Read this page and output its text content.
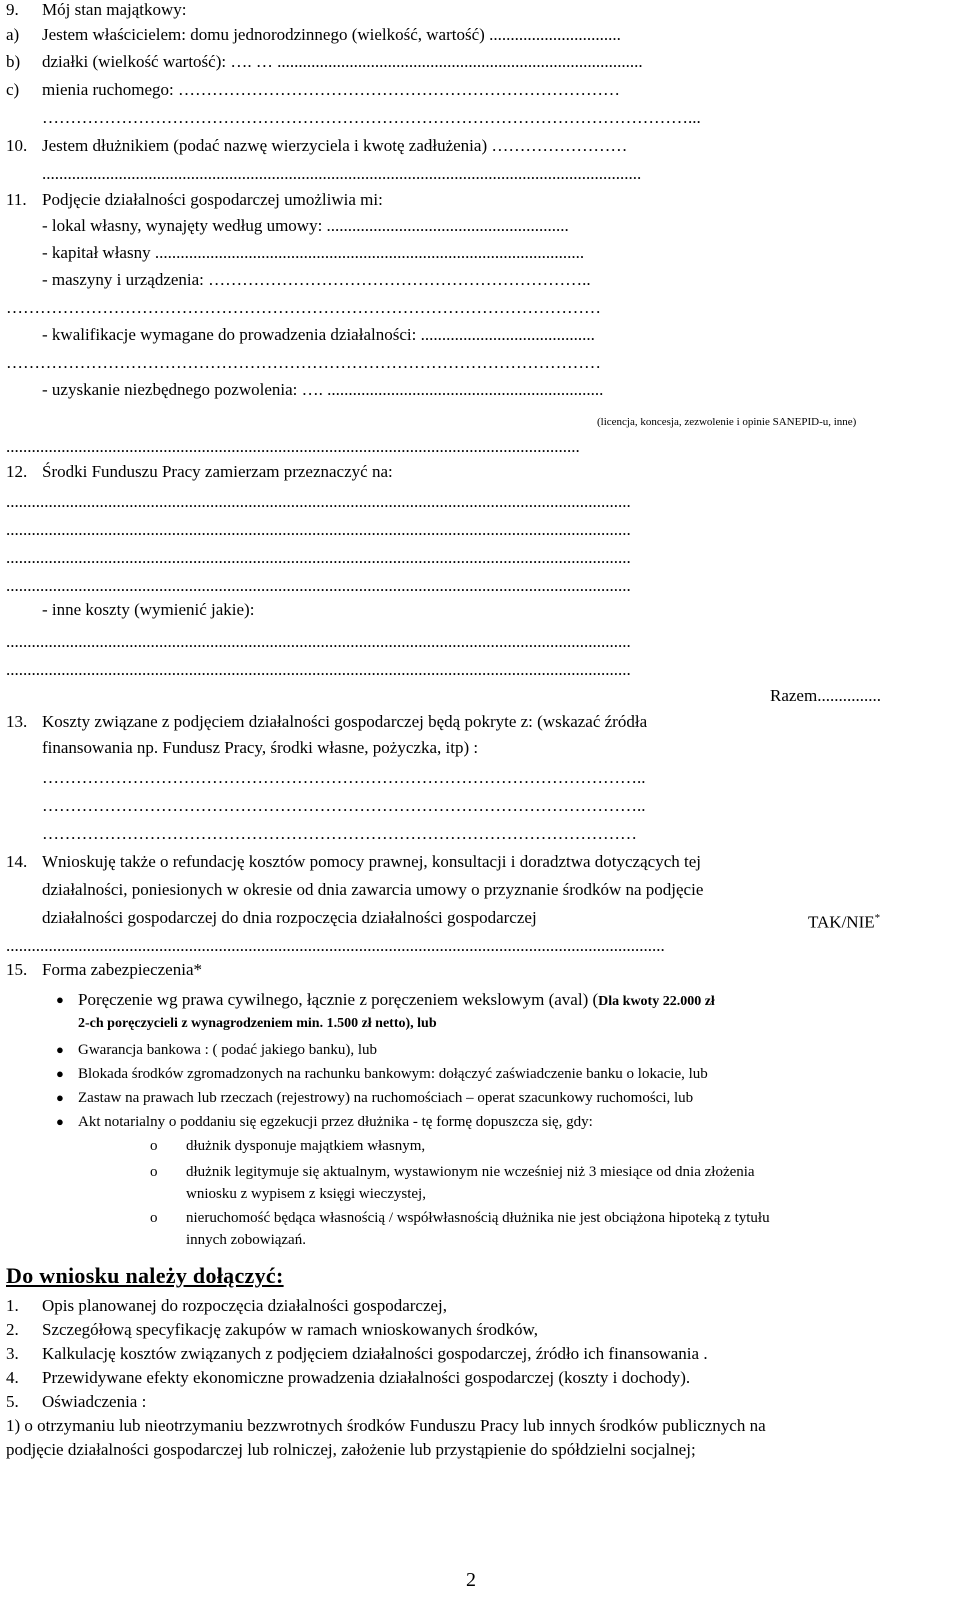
9. Mój stan majątkowy:
a) Jestem właścicielem: domu jednorodzinnego (wielkość, wartość) ...............................
b) działki (wielkość wartość): …. … ......................................................................................
c) mienia ruchomego: ……………………………………………………………………
……………………………………………………………………………………………………...
10. Jestem dłużnikiem (podać nazwę wierzyciela i kwotę zadłużenia) ……………………
.............................................................................................................................................
11. Podjęcie działalności gospodarczej umożliwia mi:
- lokal własny, wynajęty według umowy: .........................................................
- kapitał własny .....................................................................................................
- maszyny i urządzenia: …………………………………………………………..
……………………………………………………………………………………………
- kwalifikacje wymagane do prowadzenia działalności: .........................................
……………………………………………………………………………………………
- uzyskanie niezbędnego pozwolenia: …. .................................................................
(licencja, koncesja, zezwolenie i opinie SANEPID-u, inne)
.......................................................................................................................................
12. Środki Funduszu Pracy zamierzam przeznaczyć na:
...................................................................................................................................................
...................................................................................................................................................
...................................................................................................................................................
...................................................................................................................................................
- inne koszty (wymienić jakie):
...................................................................................................................................................
...................................................................................................................................................
Razem...............
13. Koszty związane z podjęciem działalności gospodarczej będą pokryte z: (wskazać źródła
finansowania np. Fundusz Pracy, środki własne, pożyczka, itp) :
……………………………………………………………………………………………..
……………………………………………………………………………………………..
……………………………………………………………………………………………
14. Wnioskuję także o refundację kosztów pomocy prawnej, konsultacji i doradztwa dotyczących tej
działalności, poniesionych w okresie od dnia zawarcia umowy o przyznanie środków na podjęcie
działalności gospodarczej do dnia rozpoczęcia działalności gospodarczej	TAK/NIE*
...........................................................................................................................................................
15. Forma zabezpieczenia*
● Poręczenie wg prawa cywilnego, łącznie z poręczeniem wekslowym (aval) (Dla kwoty 22.000 zł
2-ch poręczycieli z wynagrodzeniem min. 1.500 zł netto), lub
● Gwarancja bankowa : ( podać jakiego banku), lub
● Blokada środków zgromadzonych na rachunku bankowym: dołączyć zaświadczenie banku o lokacie, lub
● Zastaw na prawach lub rzeczach (rejestrowy) na ruchomościach – operat szacunkowy ruchomości, lub
● Akt notarialny o poddaniu się egzekucji przez dłużnika - tę formę dopuszcza się, gdy:
o dłużnik dysponuje majątkiem własnym,
o dłużnik legitymuje się aktualnym, wystawionym nie wcześniej niż 3 miesiące od dnia złożenia
wniosku z wypisem z księgi wieczystej,
o nieruchomość będąca własnością / współwłasnością dłużnika nie jest obciążona hipoteką z tytułu
innych zobowiązań.
Do wniosku należy dołączyć:
1. Opis planowanej do rozpoczęcia działalności gospodarczej,
2. Szczegółową specyfikację zakupów w ramach wnioskowanych środków,
3. Kalkulację kosztów związanych z podjęciem działalności gospodarczej, źródło ich finansowania .
4. Przewidywane efekty ekonomiczne prowadzenia działalności gospodarczej (koszty i dochody).
5. Oświadczenia :
1) o otrzymaniu lub nieotrzymaniu bezzwrotnych środków Funduszu Pracy lub innych środków publicznych na
podjęcie działalności gospodarczej lub rolniczej, założenie lub przystąpienie do spółdzielni socjalnej;
2
